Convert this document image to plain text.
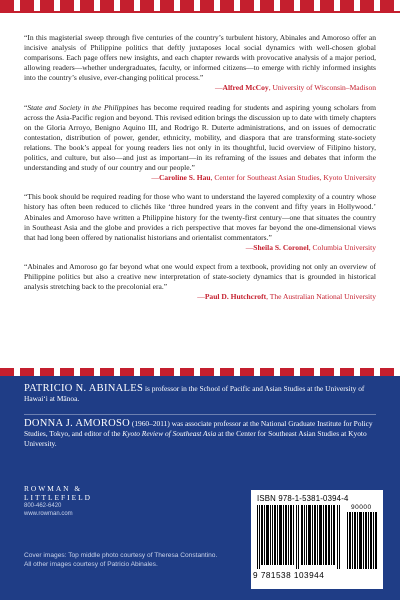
“In this magisterial sweep through five centuries of the country’s turbulent history, Abinales and Amoroso offer an incisive analysis of Philippine politics that deftly juxtaposes local social dynamics with well-chosen global comparisons. Each page offers new insights, and each chapter rewards with provocative analysis of a major period, allowing readers—whether undergraduates, faculty, or informed citizens—to emerge with richly informed insights into the country’s elusive, ever-changing political process.”
—Alfred McCoy, University of Wisconsin–Madison
“State and Society in the Philippines has become required reading for students and aspiring young scholars from across the Asia-Pacific region and beyond. This revised edition brings the discussion up to date with timely chapters on the Gloria Arroyo, Benigno Aquino III, and Rodrigo R. Duterte administrations, and on issues of democratic contestation, distribution of power, gender, ethnicity, mobility, and diaspora that are transforming state-society relations. The book’s appeal for young readers lies not only in its thoughtful, lucid overview of Filipino history, politics, and culture, but also—and just as important—in its reframing of the issues and debates that inform the understanding and study of our country and our people.”
—Caroline S. Hau, Center for Southeast Asian Studies, Kyoto University
“This book should be required reading for those who want to understand the layered complexity of a country whose history has often been reduced to clichés like ‘three hundred years in the convent and fifty years in Hollywood.’ Abinales and Amoroso have written a Philippine history for the twenty-first century—one that situates the country in Southeast Asia and the globe and provides a rich perspective that moves far beyond the one-dimensional views that had long been offered by nationalist historians and orientalist commentators.”
—Sheila S. Coronel, Columbia University
“Abinales and Amoroso go far beyond what one would expect from a textbook, providing not only an overview of Philippine politics but also a creative new interpretation of state-society dynamics that is grounded in historical analysis stretching back to the precolonial era.”
—Paul D. Hutchcroft, The Australian National University
PATRICIO N. ABINALES is professor in the School of Pacific and Asian Studies at the University of Hawai‘i at Mānoa.
DONNA J. AMOROSO (1960–2011) was associate professor at the National Graduate Institute for Policy Studies, Tokyo, and editor of the Kyoto Review of Southeast Asia at the Center for Southeast Asian Studies at Kyoto University.
ROWMAN &
LITTLEFIELD
800-462-6420
www.rowman.com
Cover images: Top middle photo courtesy of Theresa Constantino. All other images courtesy of Patricio Abinales.
ISBN 978-1-5381-0394-4
90000
9 781538 103944
